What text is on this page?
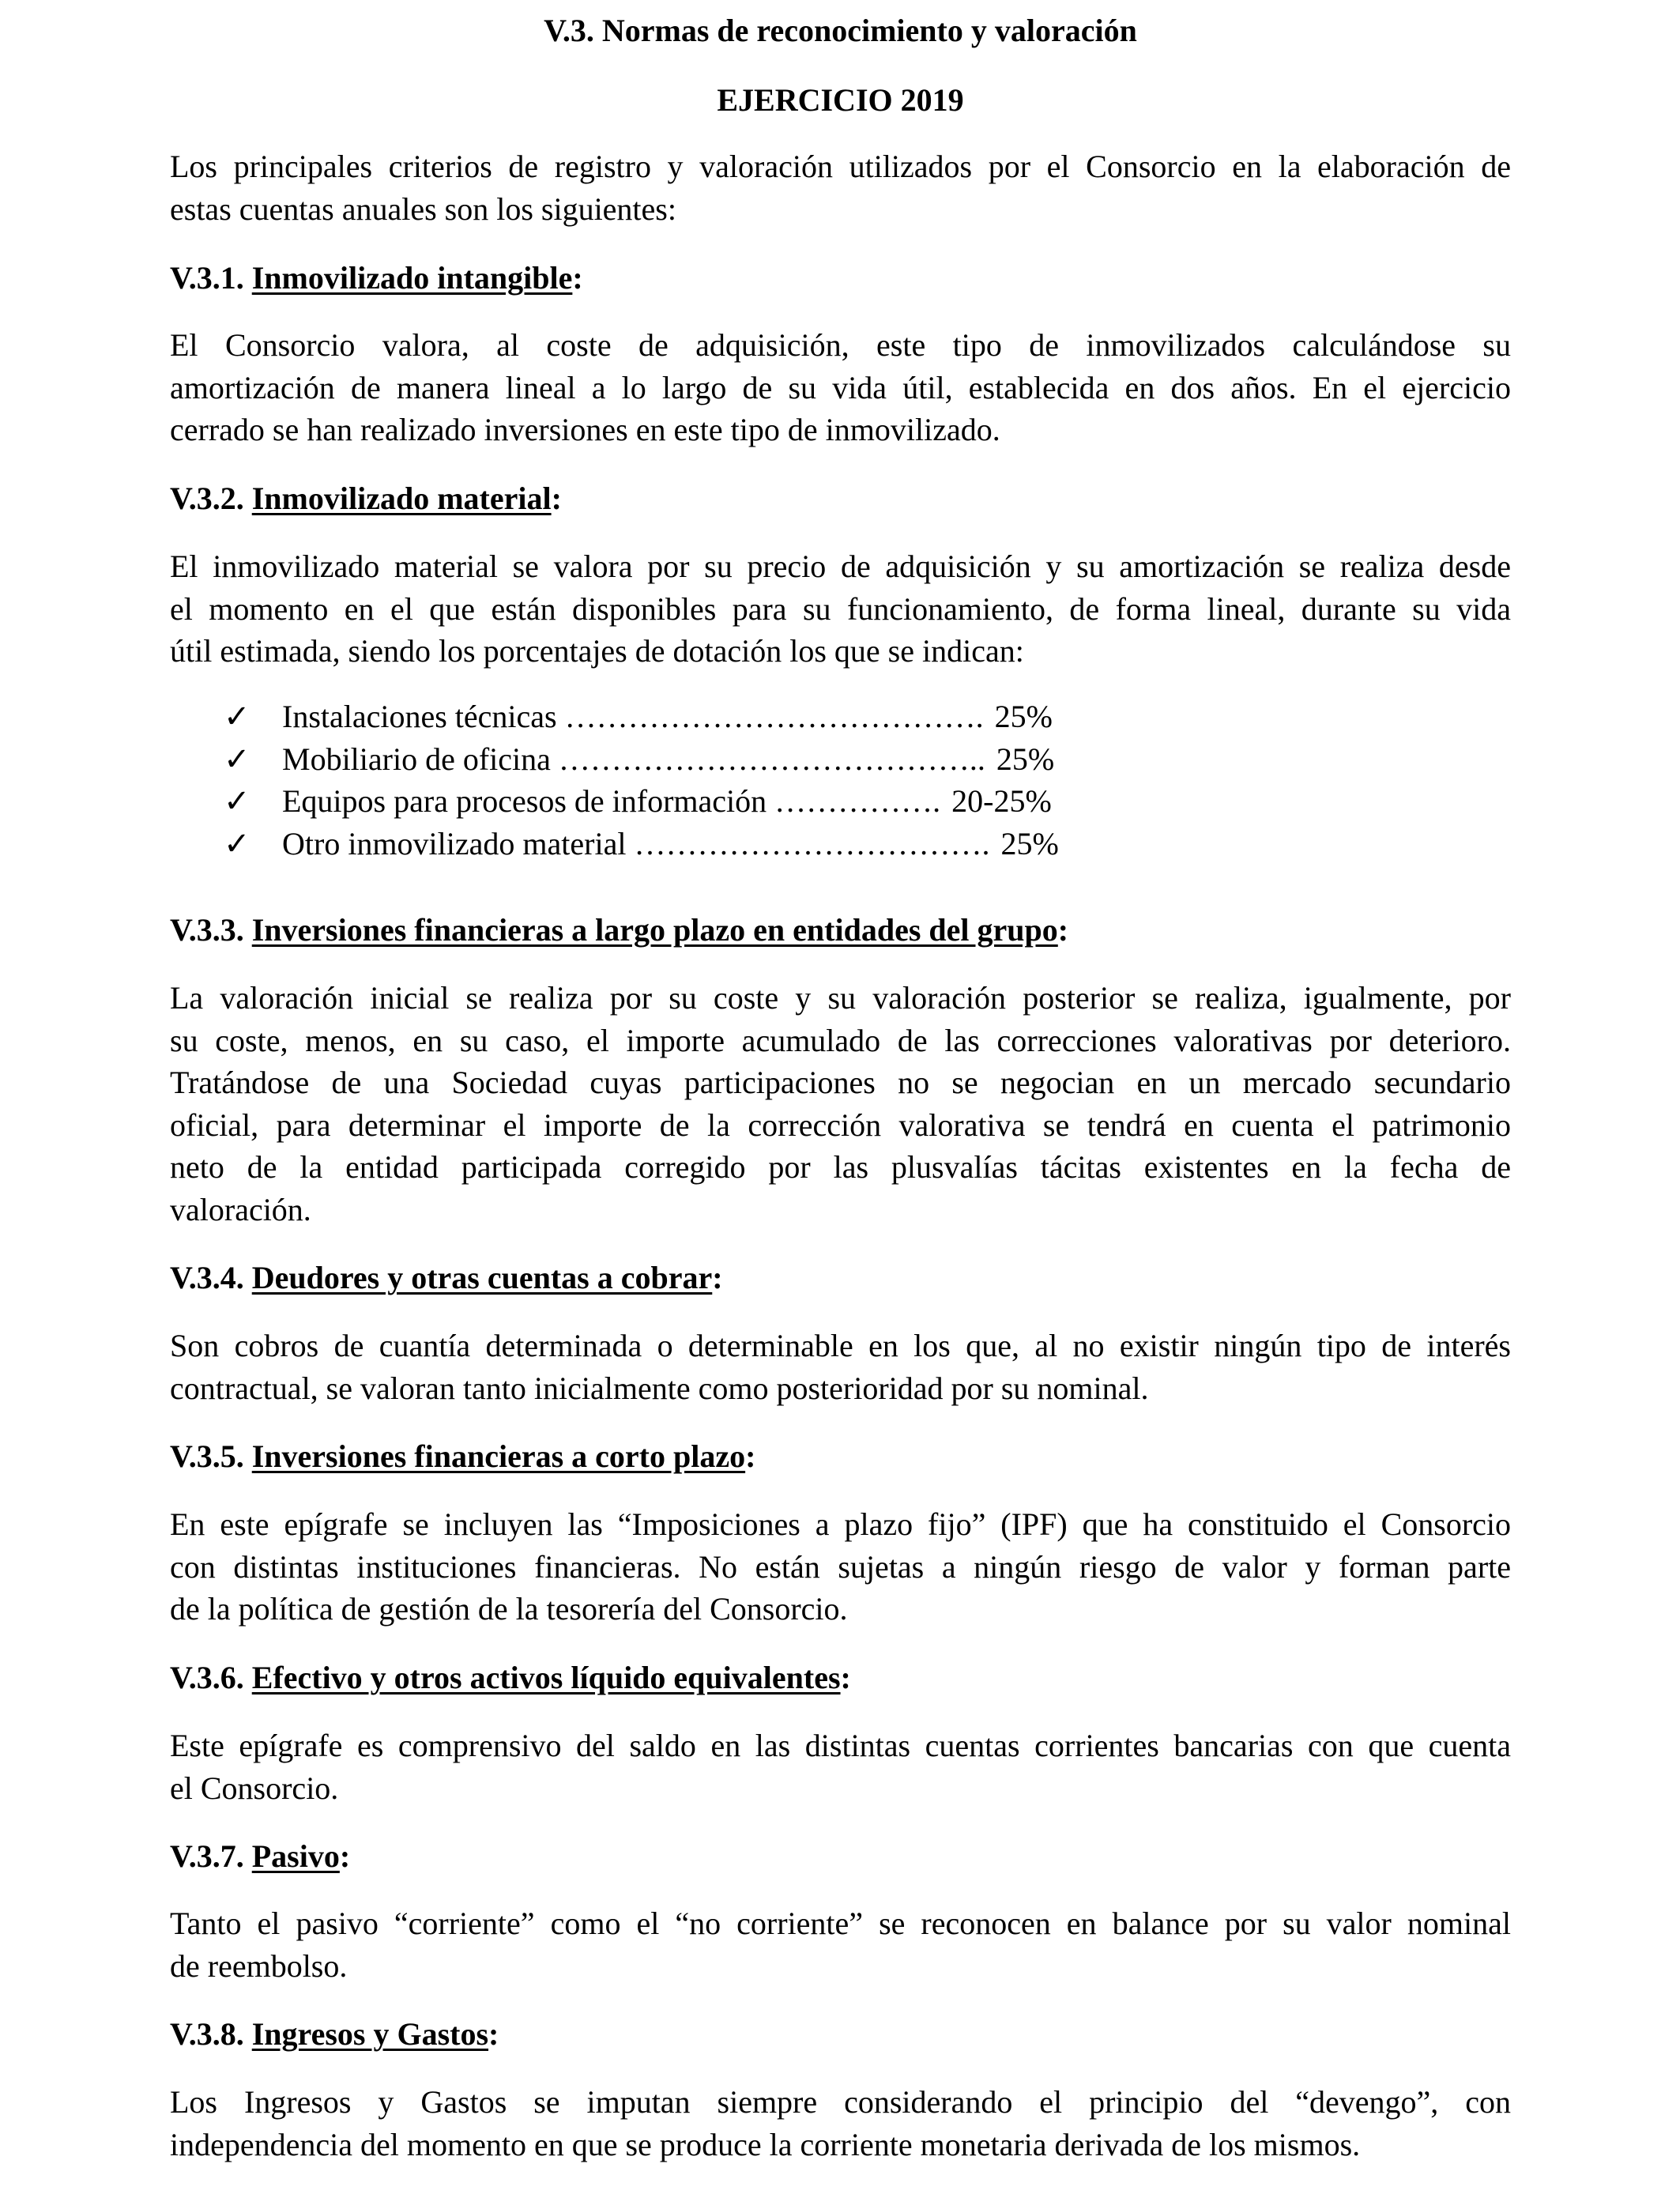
V.3. Normas de reconocimiento y valoración
EJERCICIO 2019
Los principales criterios de registro y valoración utilizados por el Consorcio en la elaboración de
estas cuentas anuales son los siguientes:
V.3.1. Inmovilizado intangible:
El Consorcio valora, al coste de adquisición, este tipo de inmovilizados calculándose su
amortización de manera lineal a lo largo de su vida útil, establecida en dos años. En el ejercicio
cerrado se han realizado inversiones en este tipo de inmovilizado.
V.3.2. Inmovilizado material:
El inmovilizado material se valora por su precio de adquisición y su amortización se realiza desde
el momento en el que están disponibles para su funcionamiento, de forma lineal, durante su vida
útil estimada, siendo los porcentajes de dotación los que se indican:
✓ Instalaciones técnicas …………………………………. 25%
✓ Mobiliario de oficina ………………………………….. 25%
✓ Equipos para procesos de información ……………. 20-25%
✓ Otro inmovilizado material ……………………………. 25%
V.3.3. Inversiones financieras a largo plazo en entidades del grupo:
La valoración inicial se realiza por su coste y su valoración posterior se realiza, igualmente, por
su coste, menos, en su caso, el importe acumulado de las correcciones valorativas por deterioro.
Tratándose de una Sociedad cuyas participaciones no se negocian en un mercado secundario
oficial, para determinar el importe de la corrección valorativa se tendrá en cuenta el patrimonio
neto de la entidad participada corregido por las plusvalías tácitas existentes en la fecha de
valoración.
V.3.4. Deudores y otras cuentas a cobrar:
Son cobros de cuantía determinada o determinable en los que, al no existir ningún tipo de interés
contractual, se valoran tanto inicialmente como posterioridad por su nominal.
V.3.5. Inversiones financieras a corto plazo:
En este epígrafe se incluyen las “Imposiciones a plazo fijo” (IPF) que ha constituido el Consorcio
con distintas instituciones financieras. No están sujetas a ningún riesgo de valor y forman parte
de la política de gestión de la tesorería del Consorcio.
V.3.6. Efectivo y otros activos líquido equivalentes:
Este epígrafe es comprensivo del saldo en las distintas cuentas corrientes bancarias con que cuenta
el Consorcio.
V.3.7. Pasivo:
Tanto el pasivo “corriente” como el “no corriente” se reconocen en balance por su valor nominal
de reembolso.
V.3.8. Ingresos y Gastos:
Los Ingresos y Gastos se imputan siempre considerando el principio del “devengo”, con
independencia del momento en que se produce la corriente monetaria derivada de los mismos.
